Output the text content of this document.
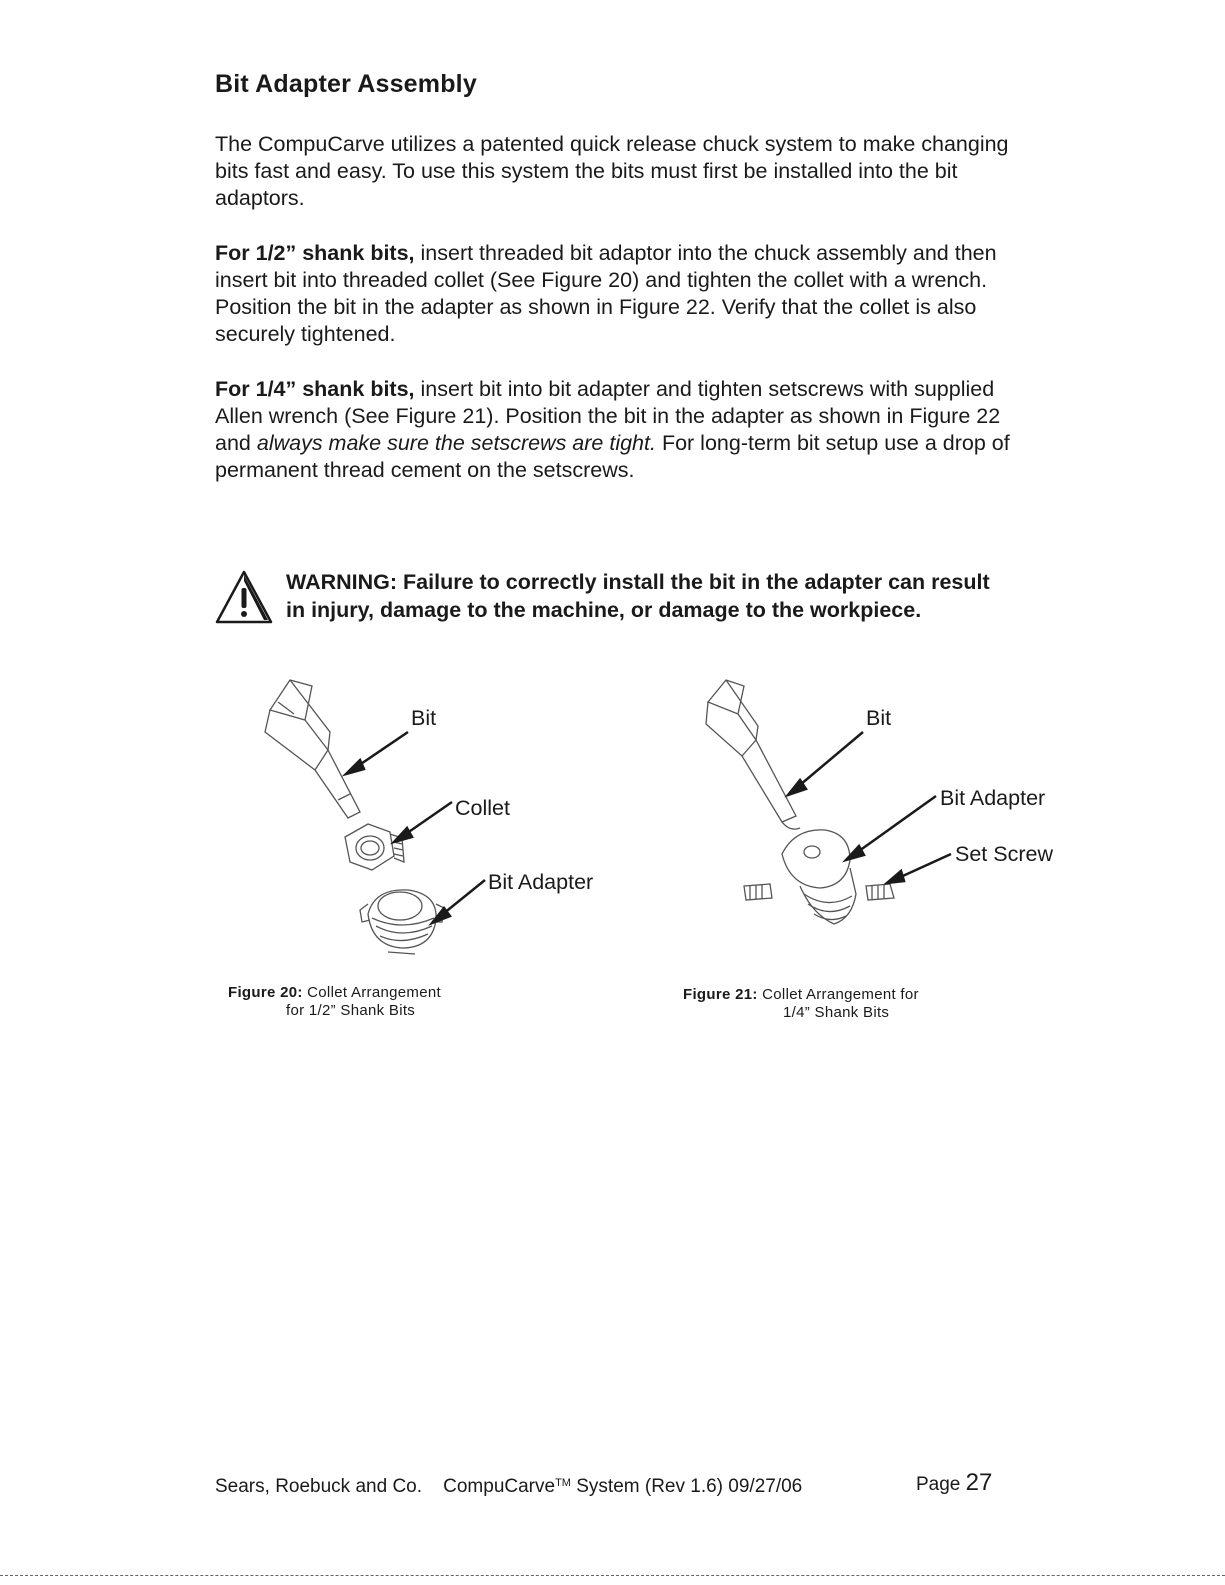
Bit Adapter Assembly

The CompuCarve utilizes a patented quick release chuck system to make changing bits fast and easy. To use this system the bits must first be installed into the bit adaptors.

For 1/2” shank bits, insert threaded bit adaptor into the chuck assembly and then insert bit into threaded collet (See Figure 20) and tighten the collet with a wrench. Position the bit in the adapter as shown in Figure 22. Verify that the collet is also securely tightened.

For 1/4” shank bits, insert bit into bit adapter and tighten setscrews with supplied Allen wrench (See Figure 21). Position the bit in the adapter as shown in Figure 22 and always make sure the setscrews are tight. For long-term bit setup use a drop of permanent thread cement on the setscrews.

WARNING: Failure to correctly install the bit in the adapter can result in injury, damage to the machine, or damage to the workpiece.

Bit
Collet
Bit Adapter
Bit
Bit Adapter
Set Screw
Figure 20: Collet Arrangement
for 1/2” Shank Bits
Figure 21: Collet Arrangement for
1/4” Shank Bits
Sears, Roebuck and Co. CompuCarve™ System (Rev 1.6) 09/27/06	Page 27
